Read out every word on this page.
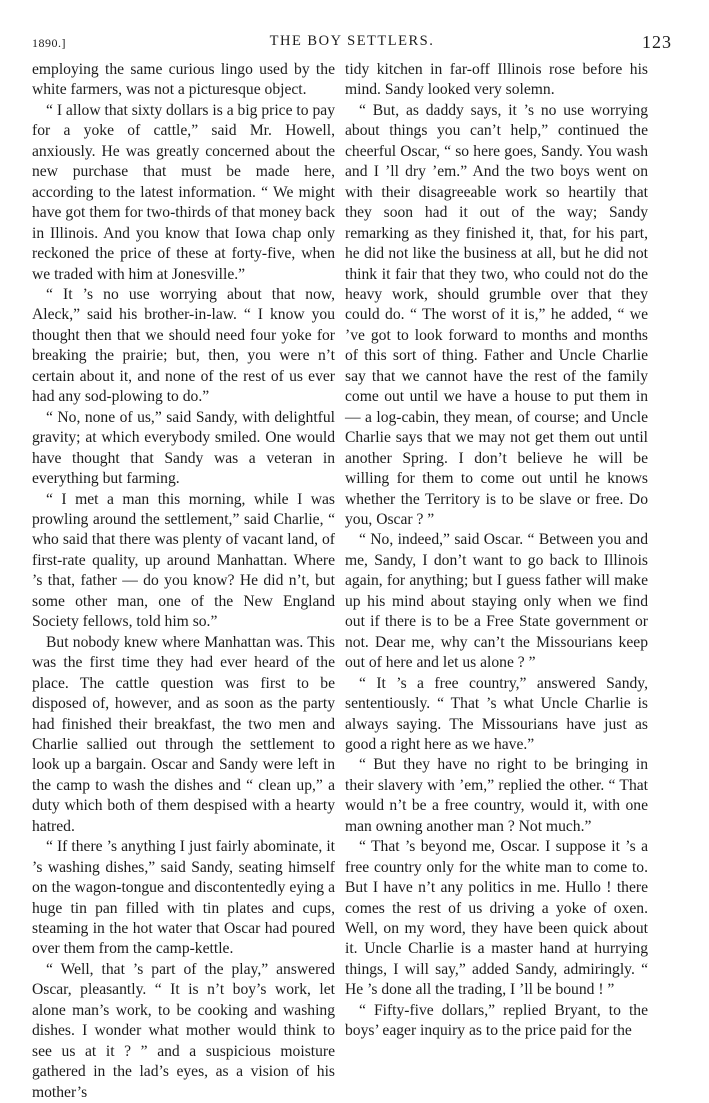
1890.]	THE BOY SETTLERS.	123

employing the same curious lingo used by the white farmers, was not a picturesque object.

“ I allow that sixty dollars is a big price to pay for a yoke of cattle,” said Mr. Howell, anxiously. He was greatly concerned about the new purchase that must be made here, according to the latest information. “ We might have got them for two-thirds of that money back in Illinois. And you know that Iowa chap only reckoned the price of these at forty-five, when we traded with him at Jonesville.”

“ It ’s no use worrying about that now, Aleck,” said his brother-in-law. “ I know you thought then that we should need four yoke for breaking the prairie; but, then, you were n’t certain about it, and none of the rest of us ever had any sod-plowing to do.”

“ No, none of us,” said Sandy, with delightful gravity; at which everybody smiled. One would have thought that Sandy was a veteran in everything but farming.

“ I met a man this morning, while I was prowling around the settlement,” said Charlie, “ who said that there was plenty of vacant land, of first-rate quality, up around Manhattan. Where ’s that, father — do you know? He did n’t, but some other man, one of the New England Society fellows, told him so.”

But nobody knew where Manhattan was. This was the first time they had ever heard of the place. The cattle question was first to be disposed of, however, and as soon as the party had finished their breakfast, the two men and Charlie sallied out through the settlement to look up a bargain. Oscar and Sandy were left in the camp to wash the dishes and “ clean up,” a duty which both of them despised with a hearty hatred.

“ If there ’s anything I just fairly abominate, it ’s washing dishes,” said Sandy, seating himself on the wagon-tongue and discontentedly eying a huge tin pan filled with tin plates and cups, steaming in the hot water that Oscar had poured over them from the camp-kettle.

“ Well, that ’s part of the play,” answered Oscar, pleasantly. “ It is n’t boy’s work, let alone man’s work, to be cooking and washing dishes. I wonder what mother would think to see us at it ? ” and a suspicious moisture gathered in the lad’s eyes, as a vision of his mother’s

tidy kitchen in far-off Illinois rose before his mind. Sandy looked very solemn.

“ But, as daddy says, it ’s no use worrying about things you can’t help,” continued the cheerful Oscar, “ so here goes, Sandy. You wash and I ’ll dry ’em.” And the two boys went on with their disagreeable work so heartily that they soon had it out of the way; Sandy remarking as they finished it, that, for his part, he did not like the business at all, but he did not think it fair that they two, who could not do the heavy work, should grumble over that they could do. “ The worst of it is,” he added, “ we ’ve got to look forward to months and months of this sort of thing. Father and Uncle Charlie say that we cannot have the rest of the family come out until we have a house to put them in — a log-cabin, they mean, of course; and Uncle Charlie says that we may not get them out until another Spring. I don’t believe he will be willing for them to come out until he knows whether the Territory is to be slave or free. Do you, Oscar ? ”

“ No, indeed,” said Oscar. “ Between you and me, Sandy, I don’t want to go back to Illinois again, for anything; but I guess father will make up his mind about staying only when we find out if there is to be a Free State government or not. Dear me, why can’t the Missourians keep out of here and let us alone ? ”

“ It ’s a free country,” answered Sandy, sententiously. “ That ’s what Uncle Charlie is always saying. The Missourians have just as good a right here as we have.”

“ But they have no right to be bringing in their slavery with ’em,” replied the other. “ That would n’t be a free country, would it, with one man owning another man ? Not much.”

“ That ’s beyond me, Oscar. I suppose it ’s a free country only for the white man to come to. But I have n’t any politics in me. Hullo ! there comes the rest of us driving a yoke of oxen. Well, on my word, they have been quick about it. Uncle Charlie is a master hand at hurrying things, I will say,” added Sandy, admiringly. “ He ’s done all the trading, I ’ll be bound ! ”

“ Fifty-five dollars,” replied Bryant, to the boys’ eager inquiry as to the price paid for the
